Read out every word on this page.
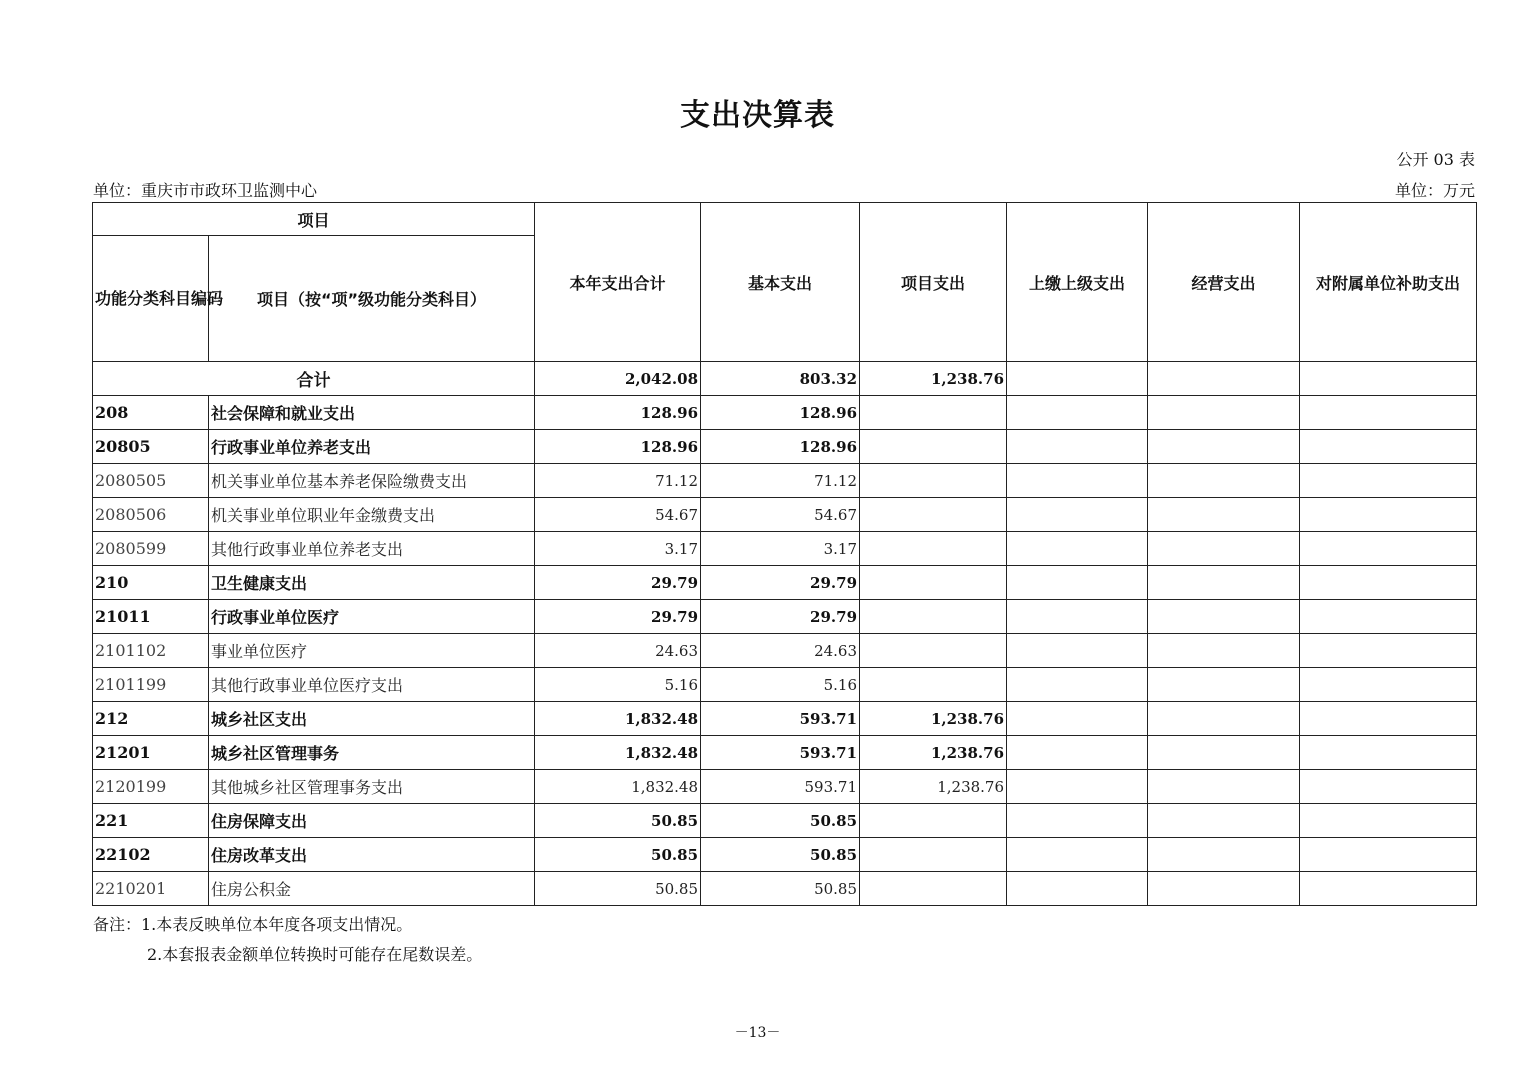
支出决算表
公开 03 表
单位：重庆市市政环卫监测中心	单位：万元
项目		本年支出合计	基本支出	项目支出	上缴上级支出	经营支出	对附属单位补助支出
功能分类科目编码	项目（按“项”级功能分类科目）						
合计		2,042.08	803.32	1,238.76			
208	社会保障和就业支出	128.96	128.96				
20805	行政事业单位养老支出	128.96	128.96				
2080505	机关事业单位基本养老保险缴费支出	71.12	71.12				
2080506	机关事业单位职业年金缴费支出	54.67	54.67				
2080599	其他行政事业单位养老支出	3.17	3.17				
210	卫生健康支出	29.79	29.79				
21011	行政事业单位医疗	29.79	29.79				
2101102	事业单位医疗	24.63	24.63				
2101199	其他行政事业单位医疗支出	5.16	5.16				
212	城乡社区支出	1,832.48	593.71	1,238.76			
21201	城乡社区管理事务	1,832.48	593.71	1,238.76			
2120199	其他城乡社区管理事务支出	1,832.48	593.71	1,238.76			
221	住房保障支出	50.85	50.85				
22102	住房改革支出	50.85	50.85				
2210201	住房公积金	50.85	50.85				
备注：1.本表反映单位本年度各项支出情况。
2.本套报表金额单位转换时可能存在尾数误差。
－13－
